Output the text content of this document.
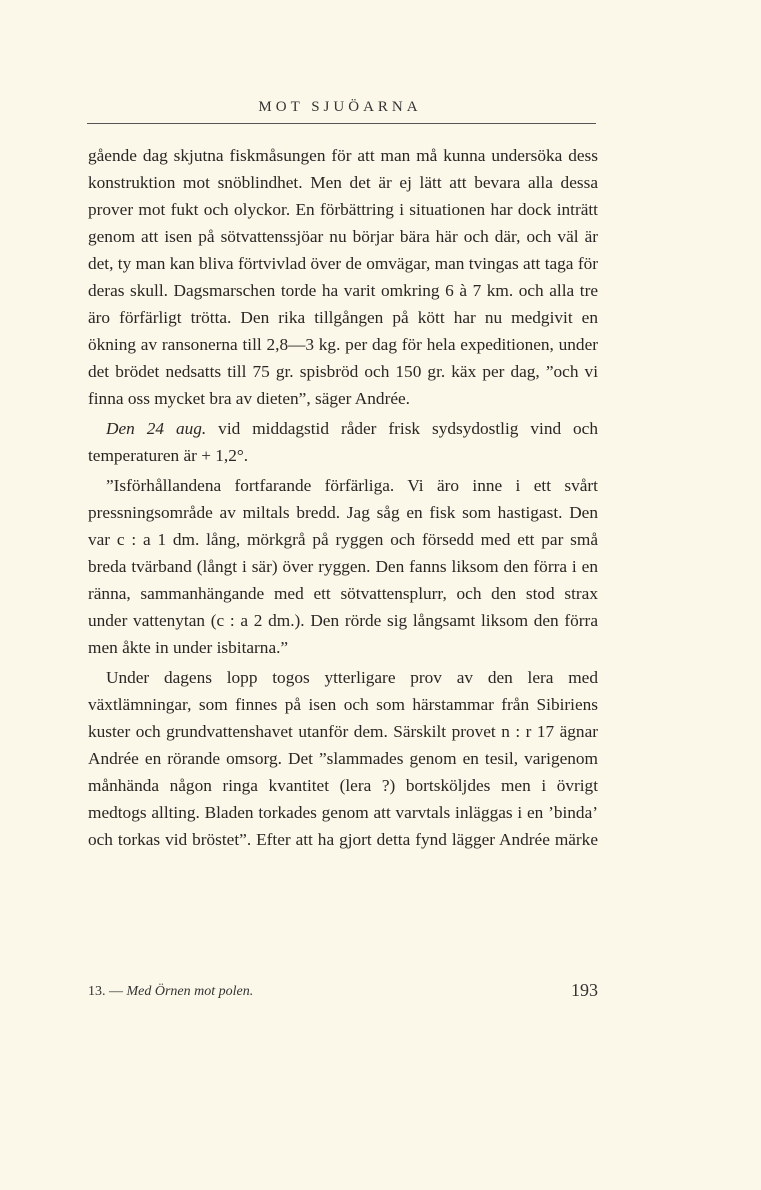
MOT SJUÖARNA

gående dag skjutna fiskmåsungen för att man må kunna undersöka dess konstruktion mot snöblindhet. Men det är ej lätt att bevara alla dessa prover mot fukt och olyckor. En förbättring i situationen har dock inträtt genom att isen på sötvattenssjöar nu börjar bära här och där, och väl är det, ty man kan bliva förtvivlad över de omvägar, man tvingas att taga för deras skull. Dagsmarschen torde ha varit omkring 6 à 7 km. och alla tre äro förfärligt trötta. Den rika tillgången på kött har nu medgivit en ökning av ransonerna till 2,8—3 kg. per dag för hela expeditionen, under det brödet nedsatts till 75 gr. spisbröd och 150 gr. käx per dag, ”och vi finna oss mycket bra av dieten”, säger Andrée.

Den 24 aug. vid middagstid råder frisk sydsydostlig vind och temperaturen är + 1,2°.

”Isförhållandena fortfarande förfärliga. Vi äro inne i ett svårt pressningsområde av miltals bredd. Jag såg en fisk som hastigast. Den var c : a 1 dm. lång, mörkgrå på ryggen och försedd med ett par små breda tvärband (långt i sär) över ryggen. Den fanns liksom den förra i en ränna, sammanhängande med ett sötvattensplurr, och den stod strax under vattenytan (c : a 2 dm.). Den rörde sig långsamt liksom den förra men åkte in under isbitarna.”

Under dagens lopp togos ytterligare prov av den lera med växtlämningar, som finnes på isen och som härstammar från Sibiriens kuster och grundvattenshavet utanför dem. Särskilt provet n : r 17 ägnar Andrée en rörande omsorg. Det ”slammades genom en tesil, varigenom månhända någon ringa kvantitet (lera ?) bortsköljdes men i övrigt medtogs allting. Bladen torkades genom att varvtals inläggas i en ’binda’ och torkas vid bröstet”. Efter att ha gjort detta fynd lägger Andrée märke

13. — Med Örnen mot polen.	193
